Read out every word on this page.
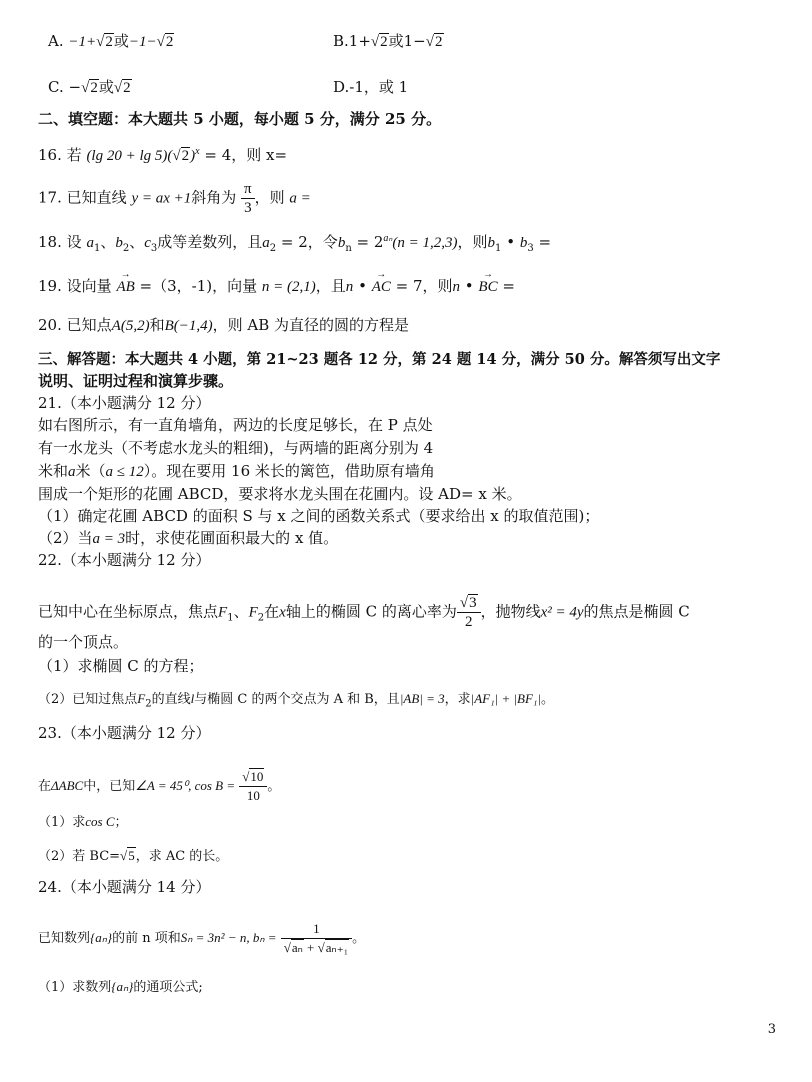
A. −1+√2或−1−√2	B.1+√2或1−√2
C. −√2或√2	D.-1，或 1
二、填空题：本大题共 5 小题，每小题 5 分，满分 25 分。
16. 若 (lg $20 + \lg 5)(√2)^x = 4$，则 x=
17. 已知直线 y = ax +1斜角为 $\frac{\pi}{3}$ ，则 a =
18. 设 $a_1$、$b_2$、$c_3$成等差数列，且$a_2 = 2$，令$b_n = 2^{a_n}(n = 1,2,3)$，则$b_1$ • $b_3$ =
19. 设向量 → AB =（3，-1)，向量 n = (2,1)，且n • → AC = 7，则n • → BC =
20. 已知点A(5,2)和B(−1,4)，则 AB 为直径的圆的方程是
三、解答题：本大题共 4 小题，第 21~23 题各 12 分，第 24 题 14 分，满分 50 分。解答须写出文字
说明、证明过程和演算步骤。
21.（本小题满分 12 分）
如右图所示，有一直角墙角，两边的长度足够长，在 P 点处
有一水龙头（不考虑水龙头的粗细)，与两墙的距离分别为 4
米和a米（a ≤ 12）。现在要用 16 米长的篱笆，借助原有墙角
围成一个矩形的花圃 ABCD，要求将水龙头围在花圃内。设 AD= x 米。
（1）确定花圃 ABCD 的面积 S 与 x 之间的函数关系式（要求给出 x 的取值范围)；
（2）当a = 3时，求使花圃面积最大的 x 值。
22.（本小题满分 12 分）
已知中心在坐标原点，焦点$F_1$、$F_2$在x轴上的椭圆 C 的离心率为 $\frac{√3}{2}$ ，抛物线x² = 4y的焦点是椭圆 C
的一个顶点。
（1）求椭圆 C 的方程；
（2）已知过焦点$F_2$的直线l与椭圆 C 的两个交点为 A 和 B，且|AB| = 3，求|AF₁| + |BF₁|。
23.（本小题满分 12 分）
在ΔABC中，已知∠A = 45⁰, $\cos B = \frac{√10}{10}$ 。
（1）求cos C；
（2）若 BC=√5，求 AC 的长。
24.（本小题满分 14 分）
已知数列{aₙ}的前 n 项和Sₙ = 3n² − n, $b_n = \frac{1}{\text{√aₙ + √aₙ₊₁}}$ 。
（1）求数列{aₙ}的通项公式;
3
